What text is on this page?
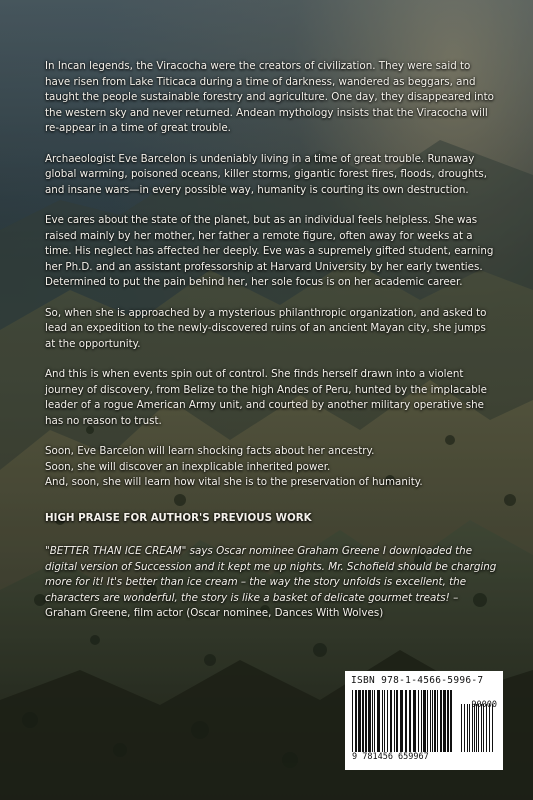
In Incan legends, the Viracocha were the creators of civilization. They were said to have risen from Lake Titicaca during a time of darkness, wandered as beggars, and taught the people sustainable forestry and agriculture. One day, they disappeared into the western sky and never returned. Andean mythology insists that the Viracocha will re-appear in a time of great trouble.

Archaeologist Eve Barcelon is undeniably living in a time of great trouble. Runaway global warming, poisoned oceans, killer storms, gigantic forest fires, floods, droughts, and insane wars—in every possible way, humanity is courting its own destruction.

Eve cares about the state of the planet, but as an individual feels helpless. She was raised mainly by her mother, her father a remote figure, often away for weeks at a time. His neglect has affected her deeply. Eve was a supremely gifted student, earning her Ph.D. and an assistant professorship at Harvard University by her early twenties. Determined to put the pain behind her, her sole focus is on her academic career.

So, when she is approached by a mysterious philanthropic organization, and asked to lead an expedition to the newly-discovered ruins of an ancient Mayan city, she jumps at the opportunity.

And this is when events spin out of control. She finds herself drawn into a violent journey of discovery, from Belize to the high Andes of Peru, hunted by the implacable leader of a rogue American Army unit, and courted by another military operative she has no reason to trust.

Soon, Eve Barcelon will learn shocking facts about her ancestry.

Soon, she will discover an inexplicable inherited power.

And, soon, she will learn how vital she is to the preservation of humanity.

HIGH PRAISE FOR AUTHOR'S PREVIOUS WORK

"BETTER THAN ICE CREAM" says Oscar nominee Graham Greene I downloaded the digital version of Succession and it kept me up nights. Mr. Schofield should be charging more for it! It's better than ice cream – the way the story unfolds is excellent, the characters are wonderful, the story is like a basket of delicate gourmet treats! –
Graham Greene, film actor (Oscar nominee, Dances With Wolves)

ISBN 978-1-4566-5996-7
9 781456 659967
90000
